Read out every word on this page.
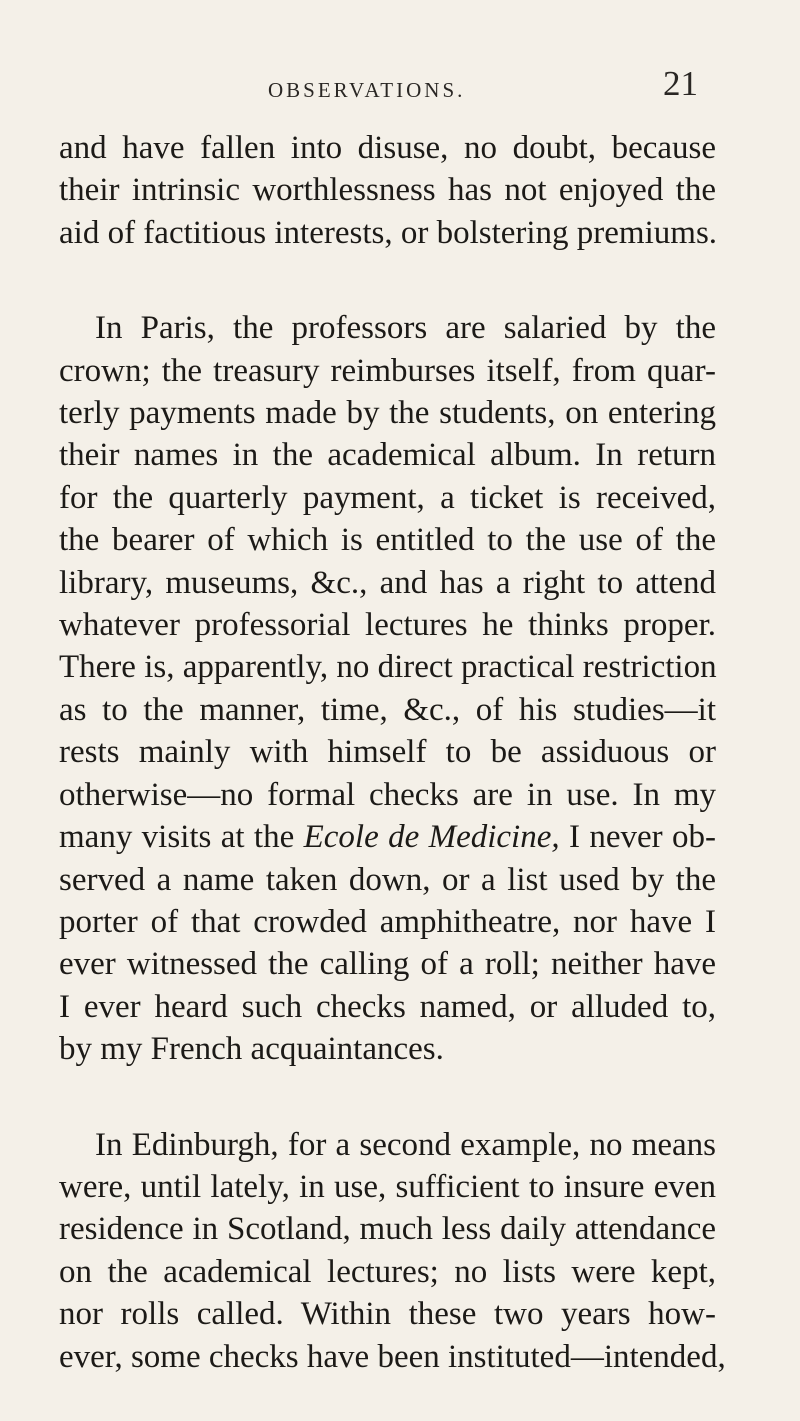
OBSERVATIONS.	21

and have fallen into disuse, no doubt, because
their intrinsic worthlessness has not enjoyed the
aid of factitious interests, or bolstering premiums.

In Paris, the professors are salaried by the
crown; the treasury reimburses itself, from quar-
terly payments made by the students, on entering
their names in the academical album. In return
for the quarterly payment, a ticket is received,
the bearer of which is entitled to the use of the
library, museums, &c., and has a right to attend
whatever professorial lectures he thinks proper.
There is, apparently, no direct practical restriction
as to the manner, time, &c., of his studies—it
rests mainly with himself to be assiduous or
otherwise—no formal checks are in use. In my
many visits at the Ecole de Medicine, I never ob-
served a name taken down, or a list used by the
porter of that crowded amphitheatre, nor have I
ever witnessed the calling of a roll; neither have
I ever heard such checks named, or alluded to,
by my French acquaintances.

In Edinburgh, for a second example, no means
were, until lately, in use, sufficient to insure even
residence in Scotland, much less daily attendance
on the academical lectures; no lists were kept,
nor rolls called. Within these two years how-
ever, some checks have been instituted—intended,
